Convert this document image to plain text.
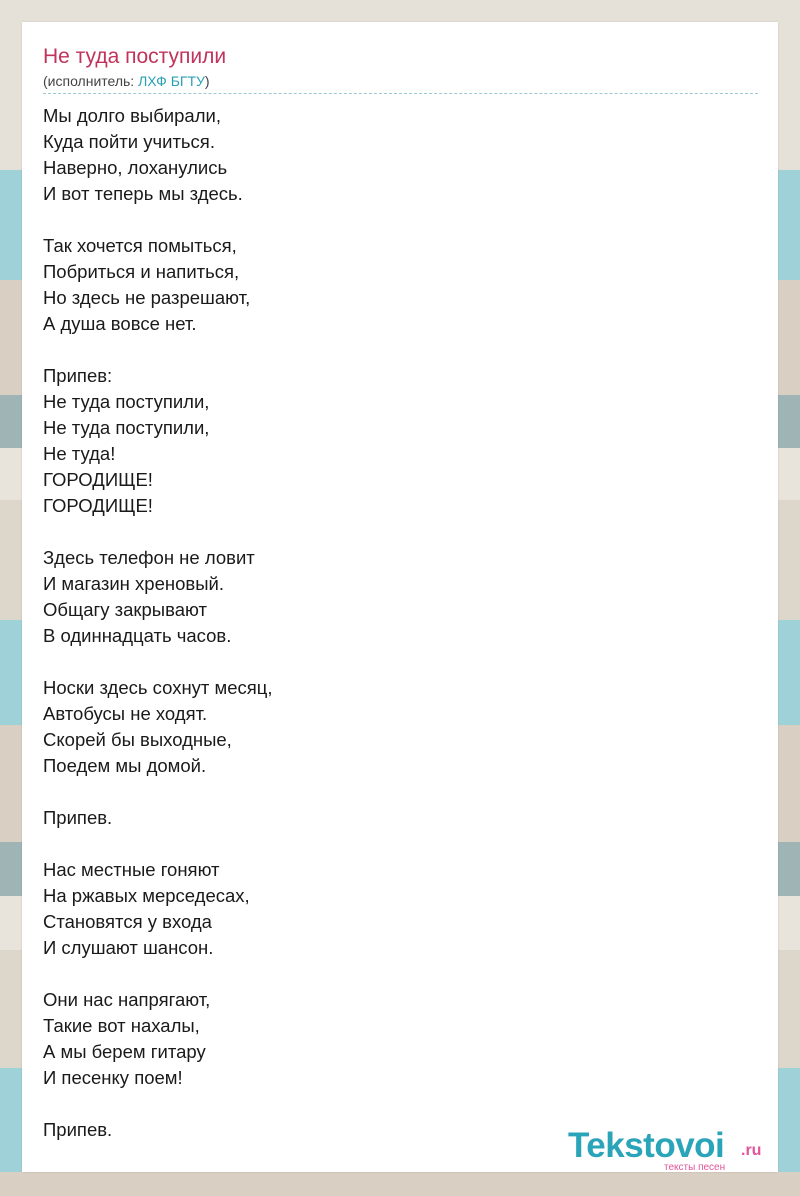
Не туда поступили
(исполнитель: ЛХФ БГТУ)
Мы долго выбирали,
Куда пойти учиться.
Наверно, лоханулись
И вот теперь мы здесь.
Так хочется помыться,
Побриться и напиться,
Но здесь не разрешают,
А душа вовсе нет.
Припев:
Не туда поступили,
Не туда поступили,
Не туда!
ГОРОДИЩЕ!
ГОРОДИЩЕ!
Здесь телефон не ловит
И магазин хреновый.
Общагу закрывают
В одиннадцать часов.
Носки здесь сохнут месяц,
Автобусы не ходят.
Скорей бы выходные,
Поедем мы домой.
Припев.
Нас местные гоняют
На ржавых мерседесах,
Становятся у входа
И слушают шансон.
Они нас напрягают,
Такие вот нахалы,
А мы берем гитару
И песенку поем!
Припев.	Tekstovoi .ru
тексты песен
